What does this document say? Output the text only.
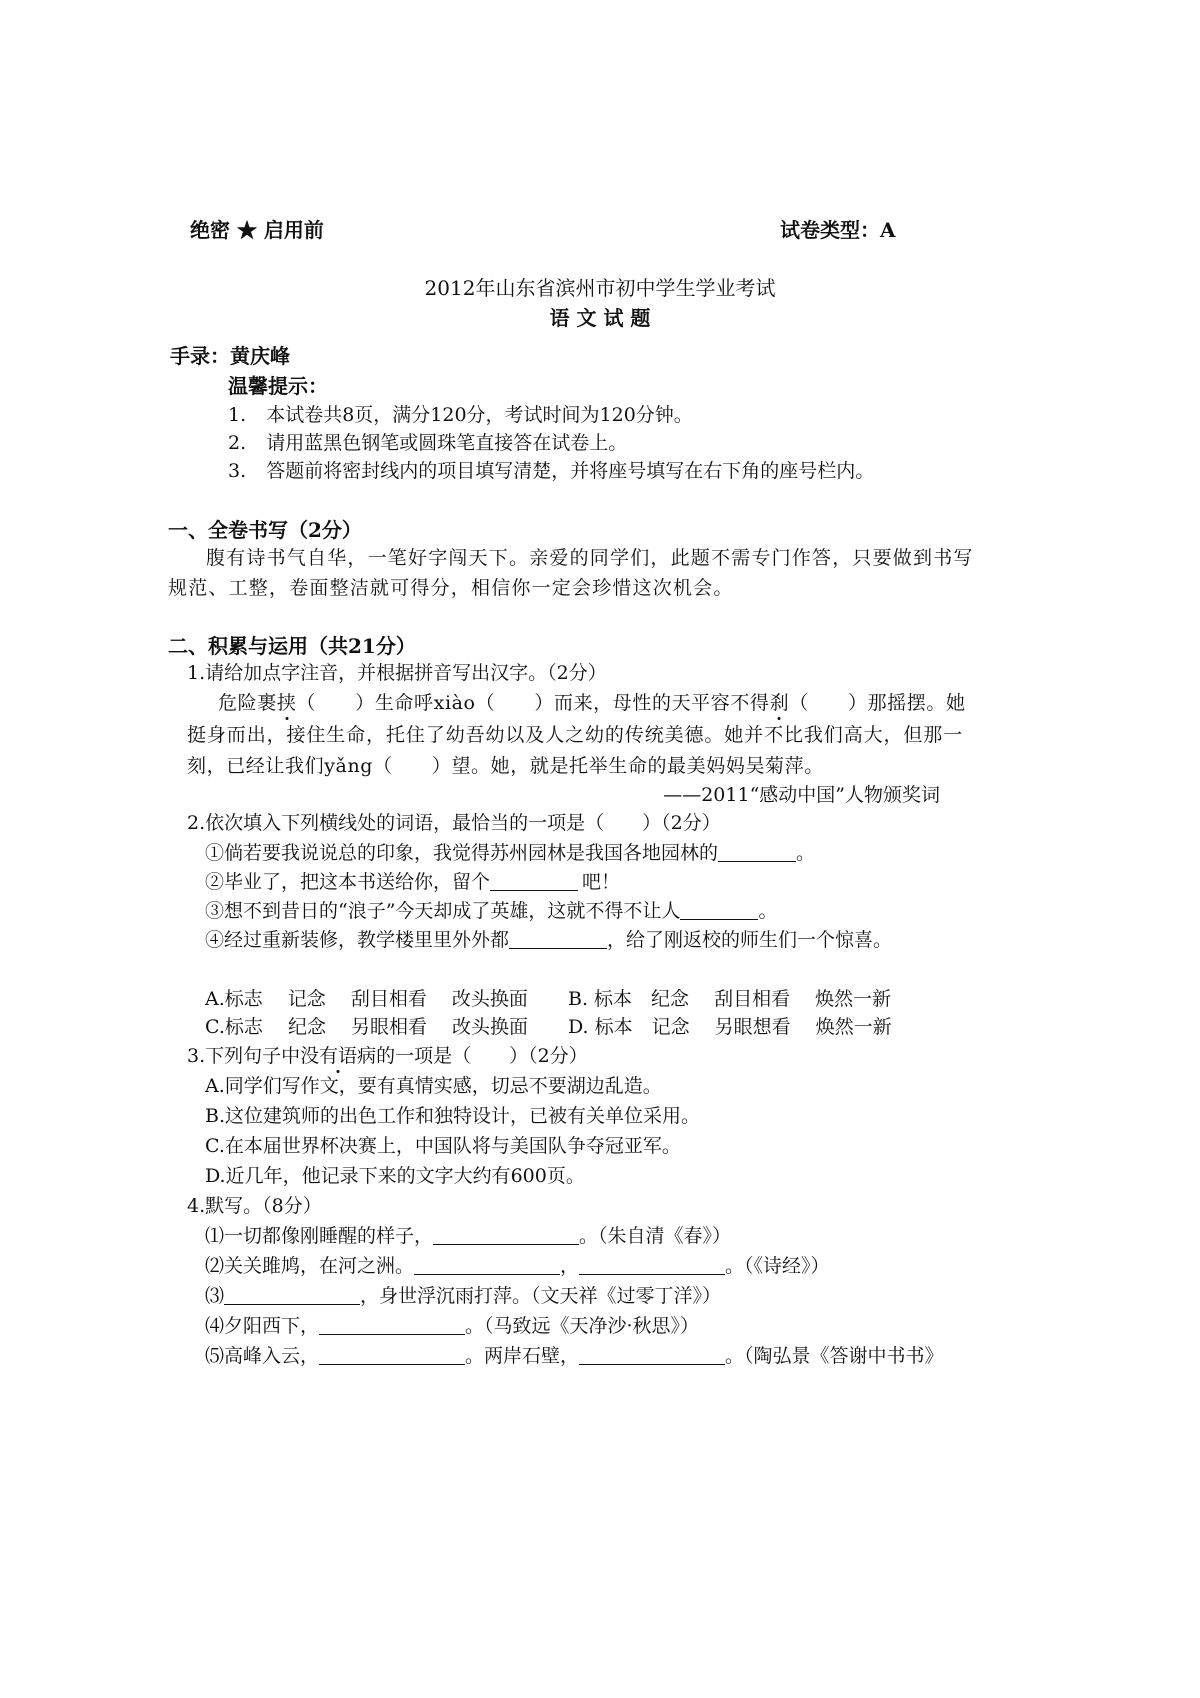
绝密 ★ 启用前	试卷类型：A
2012年山东省滨州市初中学生学业考试
语 文 试 题
手录：黄庆峰
温馨提示：
1. 本试卷共8页，满分120分，考试时间为120分钟。
2. 请用蓝黑色钢笔或圆珠笔直接答在试卷上。
3. 答题前将密封线内的项目填写清楚，并将座号填写在右下角的座号栏内。
一、全卷书写（2分）
腹有诗书气自华，一笔好字闯天下。亲爱的同学们，此题不需专门作答，只要做到书写
规范、工整，卷面整洁就可得分，相信你一定会珍惜这次机会。
二、积累与运用（共21分）
1.请给加点字注音，并根据拼音写出汉字。（2分）
危险裹挟（　　）生命呼xiào（　　）而来，母性的天平容不得刹（　　）那摇摆。她
挺身而出，接住生命，托住了幼吾幼以及人之幼的传统美德。她并不比我们高大，但那一
刻，已经让我们yǎng（　　）望。她，就是托举生命的最美妈妈吴菊萍。
——2011“感动中国”人物颁奖词
2.依次填入下列横线处的词语，最恰当的一项是（　　）（2分）
①倘若要我说说总的印象，我觉得苏州园林是我国各地园林的	。
②毕业了，把这本书送给你，留个	吧！
③想不到昔日的“浪子”今天却成了英雄，这就不得不让人	。
④经过重新装修，教学楼里里外外都	，给了刚返校的师生们一个惊喜。
A.标志　 记念　 刮目相看　 改头换面 B. 标本　纪念　 刮目相看　 焕然一新
C.标志　 纪念　 另眼相看　 改头换面 D. 标本　记念　 另眼想看　 焕然一新
3.下列句子中没有语病的一项是（　　）（2分）
A.同学们写作文，要有真情实感，切忌不要湖边乱造。
B.这位建筑师的出色工作和独特设计，已被有关单位采用。
C.在本届世界杯决赛上，中国队将与美国队争夺冠亚军。
D.近几年，他记录下来的文字大约有600页。
4.默写。（8分）
⑴一切都像刚睡醒的样子，	。（朱自清《春》）
⑵关关雎鸠，在河之洲。	，	。（《诗经》）
⑶	，身世浮沉雨打萍。（文天祥《过零丁洋》）
⑷夕阳西下，	。（马致远《天净沙·秋思》）
⑸高峰入云，	。两岸石壁，	。（陶弘景《答谢中书书》
